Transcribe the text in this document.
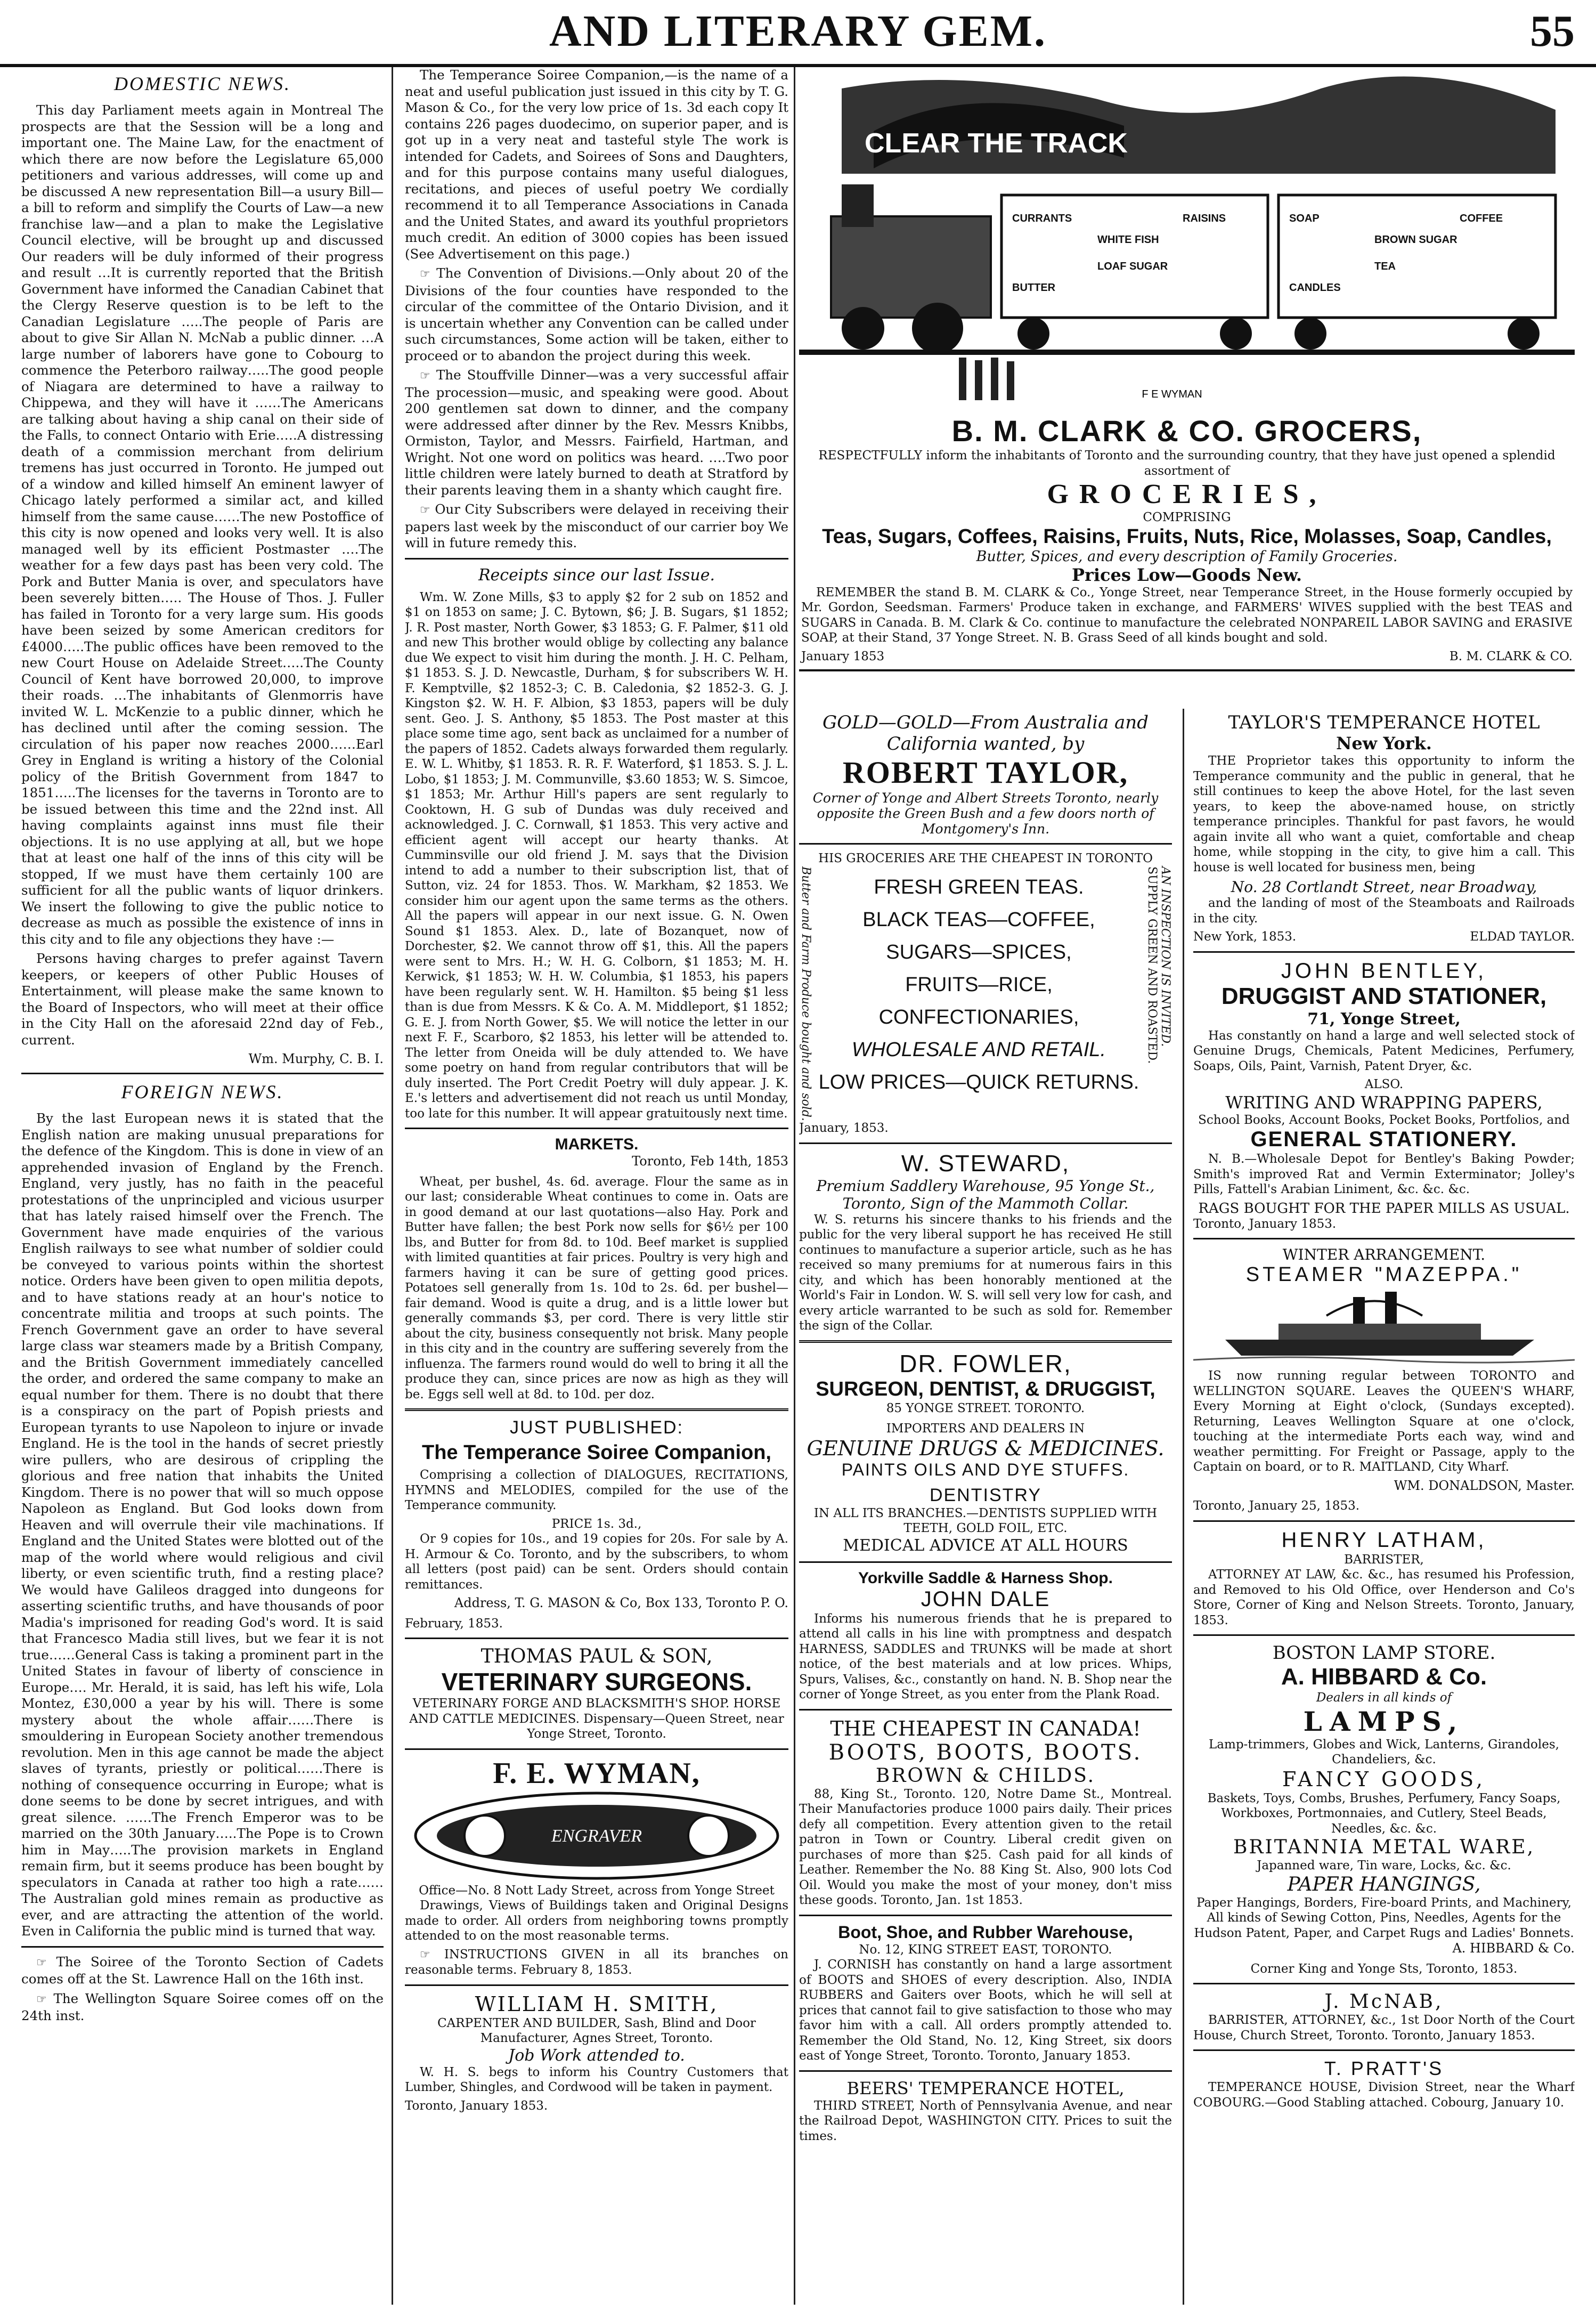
AND LITERARY GEM.	55
DOMESTIC NEWS.

This day Parliament meets again in Montreal The prospects are that the Session will be a long and important one. The Maine Law, for the enactment of which there are now before the Legislature 65,000 petitioners and various addresses, will come up and be discussed A new representation Bill—a usury Bill—a bill to reform and simplify the Courts of Law—a new franchise law—and a plan to make the Legislative Council elective, will be brought up and discussed Our readers will be duly informed of their progress and result …It is currently reported that the British Government have informed the Canadian Cabinet that the Clergy Reserve question is to be left to the Canadian Legislature …..The people of Paris are about to give Sir Allan N. McNab a public dinner. …A large number of laborers have gone to Cobourg to commence the Peterboro railway…..The good people of Niagara are determined to have a railway to Chippewa, and they will have it ……The Americans are talking about having a ship canal on their side of the Falls, to connect Ontario with Erie.….A distressing death of a commission merchant from delirium tremens has just occurred in Toronto. He jumped out of a window and killed himself An eminent lawyer of Chicago lately performed a similar act, and killed himself from the same cause……The new Postoffice of this city is now opened and looks very well. It is also managed well by its efficient Postmaster ….The weather for a few days past has been very cold. The Pork and Butter Mania is over, and speculators have been severely bitten….. The House of Thos. J. Fuller has failed in Toronto for a very large sum. His goods have been seized by some American creditors for £4000…..The public offices have been removed to the new Court House on Adelaide Street…..The County Council of Kent have borrowed 20,000, to improve their roads. …The inhabitants of Glenmorris have invited W. L. McKenzie to a public dinner, which he has declined until after the coming session. The circulation of his paper now reaches 2000……Earl Grey in England is writing a history of the Colonial policy of the British Government from 1847 to 1851…..The licenses for the taverns in Toronto are to be issued between this time and the 22nd inst. All having complaints against inns must file their objections. It is no use applying at all, but we hope that at least one half of the inns of this city will be stopped, If we must have them certainly 100 are sufficient for all the public wants of liquor drinkers. We insert the following to give the public notice to decrease as much as possible the existence of inns in this city and to file any objections they have :—

Persons having charges to prefer against Tavern keepers, or keepers of other Public Houses of Entertainment, will please make the same known to the Board of Inspectors, who will meet at their office in the City Hall on the aforesaid 22nd day of Feb., current.

Wm. Murphy, C. B. I.
FOREIGN NEWS.

By the last European news it is stated that the English nation are making unusual preparations for the defence of the Kingdom. This is done in view of an apprehended invasion of England by the French. England, very justly, has no faith in the peaceful protestations of the unprincipled and vicious usurper that has lately raised himself over the French. The Government have made enquiries of the various English railways to see what number of soldier could be conveyed to various points within the shortest notice. Orders have been given to open militia depots, and to have stations ready at an hour's notice to concentrate militia and troops at such points. The French Government gave an order to have several large class war steamers made by a British Company, and the British Government immediately cancelled the order, and ordered the same company to make an equal number for them. There is no doubt that there is a conspiracy on the part of Popish priests and European tyrants to use Napoleon to injure or invade England. He is the tool in the hands of secret priestly wire pullers, who are desirous of crippling the glorious and free nation that inhabits the United Kingdom. There is no power that will so much oppose Napoleon as England. But God looks down from Heaven and will overrule their vile machinations. If England and the United States were blotted out of the map of the world where would religious and civil liberty, or even scientific truth, find a resting place? We would have Galileos dragged into dungeons for asserting scientific truths, and have thousands of poor Madia's imprisoned for reading God's word. It is said that Francesco Madia still lives, but we fear it is not true……General Cass is taking a prominent part in the United States in favour of liberty of conscience in Europe…. Mr. Herald, it is said, has left his wife, Lola Montez, £30,000 a year by his will. There is some mystery about the whole affair……There is smouldering in European Society another tremendous revolution. Men in this age cannot be made the abject slaves of tyrants, priestly or political……There is nothing of consequence occurring in Europe; what is done seems to be done by secret intrigues, and with great silence. ……The French Emperor was to be married on the 30th January…..The Pope is to Crown him in May…..The provision markets in England remain firm, but it seems produce has been bought by speculators in Canada at rather too high a rate……The Australian gold mines remain as productive as ever, and are attracting the attention of the world. Even in California the public mind is turned that way.

☞ The Soiree of the Toronto Section of Cadets comes off at the St. Lawrence Hall on the 16th inst.

☞ The Wellington Square Soiree comes off on the 24th inst.

The Temperance Soiree Companion,—is the name of a neat and useful publication just issued in this city by T. G. Mason & Co., for the very low price of 1s. 3d each copy It contains 226 pages duodecimo, on superior paper, and is got up in a very neat and tasteful style The work is intended for Cadets, and Soirees of Sons and Daughters, and for this purpose contains many useful dialogues, recitations, and pieces of useful poetry We cordially recommend it to all Temperance Associations in Canada and the United States, and award its youthful proprietors much credit. An edition of 3000 copies has been issued (See Advertisement on this page.)

☞ The Convention of Divisions.—Only about 20 of the Divisions of the four counties have responded to the circular of the committee of the Ontario Division, and it is uncertain whether any Convention can be called under such circumstances, Some action will be taken, either to proceed or to abandon the project during this week.

☞ The Stouffville Dinner—was a very successful affair The procession—music, and speaking were good. About 200 gentlemen sat down to dinner, and the company were addressed after dinner by the Rev. Messrs Knibbs, Ormiston, Taylor, and Messrs. Fairfield, Hartman, and Wright. Not one word on politics was heard. ….Two poor little children were lately burned to death at Stratford by their parents leaving them in a shanty which caught fire.

☞ Our City Subscribers were delayed in receiving their papers last week by the misconduct of our carrier boy We will in future remedy this.

Receipts since our last Issue.

Wm. W. Zone Mills, $3 to apply $2 for 2 sub on 1852 and $1 on 1853 on same; J. C. Bytown, $6; J. B. Sugars, $1 1852; J. R. Post master, North Gower, $3 1853; G. F. Palmer, $11 old and new This brother would oblige by collecting any balance due We expect to visit him during the month. J. H. C. Pelham, $1 1853. S. J. D. Newcastle, Durham, $ for subscribers W. H. F. Kemptville, $2 1852-3; C. B. Caledonia, $2 1852-3. G. J. Kingston $2. W. H. F. Albion, $3 1853, papers will be duly sent. Geo. J. S. Anthony, $5 1853. The Post master at this place some time ago, sent back as unclaimed for a number of the papers of 1852. Cadets always forwarded them regularly. E. W. L. Whitby, $1 1853. R. R. F. Waterford, $1 1853. S. J. L. Lobo, $1 1853; J. M. Communville, $3.60 1853; W. S. Simcoe, $1 1853; Mr. Arthur Hill's papers are sent regularly to Cooktown, H. G sub of Dundas was duly received and acknowledged. J. C. Cornwall, $1 1853. This very active and efficient agent will accept our hearty thanks. At Cumminsville our old friend J. M. says that the Division intend to add a number to their subscription list, that of Sutton, viz. 24 for 1853. Thos. W. Markham, $2 1853. We consider him our agent upon the same terms as the others. All the papers will appear in our next issue. G. N. Owen Sound $1 1853. Alex. D., late of Bozanquet, now of Dorchester, $2. We cannot throw off $1, this. All the papers were sent to Mrs. H.; W. H. G. Colborn, $1 1853; M. H. Kerwick, $1 1853; W. H. W. Columbia, $1 1853, his papers have been regularly sent. W. H. Hamilton. $5 being $1 less than is due from Messrs. K & Co. A. M. Middleport, $1 1852; G. E. J. from North Gower, $5. We will notice the letter in our next F. F., Scarboro, $2 1853, his letter will be attended to. The letter from Oneida will be duly attended to. We have some poetry on hand from regular contributors that will be duly inserted. The Port Credit Poetry will duly appear. J. K. E.'s letters and advertisement did not reach us until Monday, too late for this number. It will appear gratuitously next time.

MARKETS.
Toronto, Feb 14th, 1853

Wheat, per bushel, 4s. 6d. average. Flour the same as in our last; considerable Wheat continues to come in. Oats are in good demand at our last quotations—also Hay. Pork and Butter have fallen; the best Pork now sells for $6½ per 100 lbs, and Butter for from 8d. to 10d. Beef market is supplied with limited quantities at fair prices. Poultry is very high and farmers having it can be sure of getting good prices. Potatoes sell generally from 1s. 10d to 2s. 6d. per bushel—fair demand. Wood is quite a drug, and is a little lower but generally commands $3, per cord. There is very little stir about the city, business consequently not brisk. Many people in this city and in the country are suffering severely from the influenza. The farmers round would do well to bring it all the produce they can, since prices are now as high as they will be. Eggs sell well at 8d. to 10d. per doz.

JUST PUBLISHED:
The Temperance Soiree Companion,

Comprising a collection of DIALOGUES, RECITATIONS, HYMNS and MELODIES, compiled for the use of the Temperance community.

PRICE 1s. 3d.,

Or 9 copies for 10s., and 19 copies for 20s. For sale by A. H. Armour & Co. Toronto, and by the subscribers, to whom all letters (post paid) can be sent. Orders should contain remittances.

Address, T. G. MASON & Co, Box 133, Toronto P. O.
February, 1853.
THOMAS PAUL & SON,
VETERINARY SURGEONS.

VETERINARY FORGE AND BLACKSMITH'S SHOP. HORSE AND CATTLE MEDICINES. Dispensary—Queen Street, near Yonge Street, Toronto.

F. E. WYMAN,
ENGRAVER
Office—No. 8 Nott Lady Street, across from Yonge Street

Drawings, Views of Buildings taken and Original Designs made to order. All orders from neighboring towns promptly attended to on the most reasonable terms.

☞ INSTRUCTIONS GIVEN in all its branches on reasonable terms. February 8, 1853.

WILLIAM H. SMITH,
CARPENTER AND BUILDER, Sash, Blind and Door Manufacturer, Agnes Street, Toronto.
Job Work attended to.

W. H. S. begs to inform his Country Customers that Lumber, Shingles, and Cordwood will be taken in payment.

Toronto, January 1853.
CLEAR THE TRACK
CURRANTS
WHITE FISH
RAISINS
BUTTER
LOAF SUGAR
SOAP
BROWN SUGAR
COFFEE
CANDLES
TEA
F E WYMAN
B. M. CLARK & CO. GROCERS,
RESPECTFULLY inform the inhabitants of Toronto and the surrounding country, that they have just opened a splendid assortment of
GROCERIES,
COMPRISING
Teas, Sugars, Coffees, Raisins, Fruits, Nuts, Rice, Molasses, Soap, Candles,
Butter, Spices, and every description of Family Groceries.
Prices Low—Goods New.

REMEMBER the stand B. M. CLARK & Co., Yonge Street, near Temperance Street, in the House formerly occupied by Mr. Gordon, Seedsman. Farmers' Produce taken in exchange, and FARMERS' WIVES supplied with the best TEAS and SUGARS in Canada. B. M. Clark & Co. continue to manufacture the celebrated NONPAREIL LABOR SAVING and ERASIVE SOAP, at their Stand, 37 Yonge Street. N. B. Grass Seed of all kinds bought and sold.

January 1853	B. M. CLARK & CO.
GOLD—GOLD—From Australia and California wanted, by
ROBERT TAYLOR,
Corner of Yonge and Albert Streets Toronto, nearly opposite the Green Bush and a few doors north of Montgomery's Inn.
HIS GROCERIES ARE THE CHEAPEST IN TORONTO
Butter and Farm Produce bought and sold.	FRESH GREEN TEAS.
BLACK TEAS—COFFEE,
SUGARS—SPICES,
FRUITS—RICE,
CONFECTIONARIES,
WHOLESALE AND RETAIL.
LOW PRICES—QUICK RETURNS.
SUPPLY GREEN AND ROASTED. AN INSPECTION IS INVITED.
January, 1853.
W. STEWARD,
Premium Saddlery Warehouse, 95 Yonge St., Toronto, Sign of the Mammoth Collar.

W. S. returns his sincere thanks to his friends and the public for the very liberal support he has received He still continues to manufacture a superior article, such as he has received so many premiums for at numerous fairs in this city, and which has been honorably mentioned at the World's Fair in London. W. S. will sell very low for cash, and every article warranted to be such as sold for. Remember the sign of the Collar.

DR. FOWLER,
SURGEON, DENTIST, & DRUGGIST,
85 YONGE STREET. TORONTO.
IMPORTERS AND DEALERS IN
GENUINE DRUGS & MEDICINES.
PAINTS OILS AND DYE STUFFS.
DENTISTRY
IN ALL ITS BRANCHES.—DENTISTS SUPPLIED WITH TEETH, GOLD FOIL, ETC.
MEDICAL ADVICE AT ALL HOURS
Yorkville Saddle & Harness Shop.
JOHN DALE

Informs his numerous friends that he is prepared to attend all calls in his line with promptness and despatch HARNESS, SADDLES and TRUNKS will be made at short notice, of the best materials and at low prices. Whips, Spurs, Valises, &c., constantly on hand. N. B. Shop near the corner of Yonge Street, as you enter from the Plank Road.

THE CHEAPEST IN CANADA!
BOOTS, BOOTS, BOOTS.
BROWN & CHILDS.

88, King St., Toronto. 120, Notre Dame St., Montreal. Their Manufactories produce 1000 pairs daily. Their prices defy all competition. Every attention given to the retail patron in Town or Country. Liberal credit given on purchases of more than $25. Cash paid for all kinds of Leather. Remember the No. 88 King St. Also, 900 lots Cod Oil. Would you make the most of your money, don't miss these goods. Toronto, Jan. 1st 1853.

Boot, Shoe, and Rubber Warehouse,
No. 12, KING STREET EAST, TORONTO.

J. CORNISH has constantly on hand a large assortment of BOOTS and SHOES of every description. Also, INDIA RUBBERS and Gaiters over Boots, which he will sell at prices that cannot fail to give satisfaction to those who may favor him with a call. All orders promptly attended to. Remember the Old Stand, No. 12, King Street, six doors east of Yonge Street, Toronto. Toronto, January 1853.

BEERS' TEMPERANCE HOTEL,

THIRD STREET, North of Pennsylvania Avenue, and near the Railroad Depot, WASHINGTON CITY. Prices to suit the times.

TAYLOR'S TEMPERANCE HOTEL
New York.

THE Proprietor takes this opportunity to inform the Temperance community and the public in general, that he still continues to keep the above Hotel, for the last seven years, to keep the above-named house, on strictly temperance principles. Thankful for past favors, he would again invite all who want a quiet, comfortable and cheap home, while stopping in the city, to give him a call. This house is well located for business men, being

No. 28 Cortlandt Street, near Broadway,

and the landing of most of the Steamboats and Railroads in the city.

New York, 1853.	ELDAD TAYLOR.
JOHN BENTLEY,
DRUGGIST AND STATIONER,
71, Yonge Street,

Has constantly on hand a large and well selected stock of Genuine Drugs, Chemicals, Patent Medicines, Perfumery, Soaps, Oils, Paint, Varnish, Patent Dryer, &c.

ALSO.
WRITING AND WRAPPING PAPERS,
School Books, Account Books, Pocket Books, Portfolios, and
GENERAL STATIONERY.

N. B.—Wholesale Depot for Bentley's Baking Powder; Smith's improved Rat and Vermin Exterminator; Jolley's Pills, Fattell's Arabian Liniment, &c. &c. &c.

RAGS BOUGHT FOR THE PAPER MILLS AS USUAL.
Toronto, January 1853.
WINTER ARRANGEMENT.
STEAMER "MAZEPPA."

IS now running regular between TORONTO and WELLINGTON SQUARE. Leaves the QUEEN'S WHARF, Every Morning at Eight o'clock, (Sundays excepted). Returning, Leaves Wellington Square at one o'clock, touching at the intermediate Ports each way, wind and weather permitting. For Freight or Passage, apply to the Captain on board, or to R. MAITLAND, City Wharf.

WM. DONALDSON, Master.
Toronto, January 25, 1853.
HENRY LATHAM,
BARRISTER,

ATTORNEY AT LAW, &c. &c., has resumed his Profession, and Removed to his Old Office, over Henderson and Co's Store, Corner of King and Nelson Streets. Toronto, January, 1853.

BOSTON LAMP STORE.
A. HIBBARD & Co.
Dealers in all kinds of
LAMPS,
Lamp-trimmers, Globes and Wick, Lanterns, Girandoles, Chandeliers, &c.
FANCY GOODS,
Baskets, Toys, Combs, Brushes, Perfumery, Fancy Soaps, Workboxes, Portmonnaies, and Cutlery, Steel Beads, Needles, &c. &c.
BRITANNIA METAL WARE,
Japanned ware, Tin ware, Locks, &c. &c.
PAPER HANGINGS,
Paper Hangings, Borders, Fire-board Prints, and Machinery, All kinds of Sewing Cotton, Pins, Needles, Agents for the Hudson Patent, Paper, and Carpet Rugs and Ladies' Bonnets.
A. HIBBARD & Co.
Corner King and Yonge Sts, Toronto, 1853.
J. McNAB,

BARRISTER, ATTORNEY, &c., 1st Door North of the Court House, Church Street, Toronto. Toronto, January 1853.

T. PRATT'S

TEMPERANCE HOUSE, Division Street, near the Wharf COBOURG.—Good Stabling attached. Cobourg, January 10.
